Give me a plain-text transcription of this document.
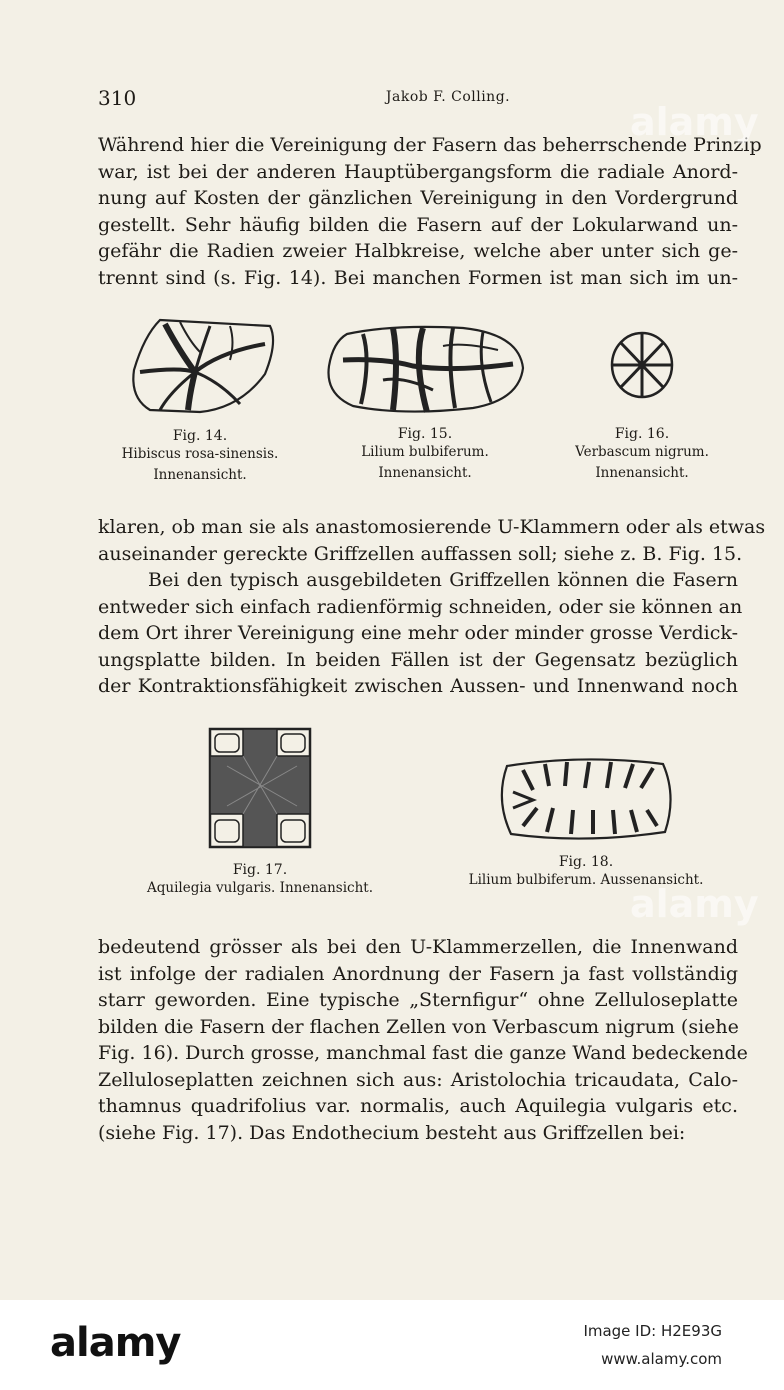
310	Jakob F. Colling.
Während hier die Vereinigung der Fasern das beherrschende Prinzip
war, ist bei der anderen Hauptübergangsform die radiale Anord-
nung auf Kosten der gänzlichen Vereinigung in den Vordergrund
gestellt. Sehr häufig bilden die Fasern auf der Lokularwand un-
gefähr die Radien zweier Halbkreise, welche aber unter sich ge-
trennt sind (s. Fig. 14). Bei manchen Formen ist man sich im un-
Fig. 14.
Hibiscus rosa-sinensis.
Innenansicht.
Fig. 15.
Lilium bulbiferum.
Innenansicht.
Fig. 16.
Verbascum nigrum.
Innenansicht.
klaren, ob man sie als anastomosierende U-Klammern oder als etwas
auseinander gereckte Griffzellen auffassen soll; siehe z. B. Fig. 15.
Bei den typisch ausgebildeten Griffzellen können die Fasern
entweder sich einfach radienförmig schneiden, oder sie können an
dem Ort ihrer Vereinigung eine mehr oder minder grosse Verdick-
ungsplatte bilden. In beiden Fällen ist der Gegensatz bezüglich
der Kontraktionsfähigkeit zwischen Aussen- und Innenwand noch
Fig. 17.
Aquilegia vulgaris. Innenansicht.
Fig. 18.
Lilium bulbiferum. Aussenansicht.
bedeutend grösser als bei den U-Klammerzellen, die Innenwand
ist infolge der radialen Anordnung der Fasern ja fast vollständig
starr geworden. Eine typische „Sternfigur“ ohne Zelluloseplatte
bilden die Fasern der flachen Zellen von Verbascum nigrum (siehe
Fig. 16). Durch grosse, manchmal fast die ganze Wand bedeckende
Zelluloseplatten zeichnen sich aus: Aristolochia tricaudata, Calo-
thamnus quadrifolius var. normalis, auch Aquilegia vulgaris etc.
(siehe Fig. 17). Das Endothecium besteht aus Griffzellen bei:
alamy
alamy
alamy	Image ID: H2E93G
www.alamy.com
